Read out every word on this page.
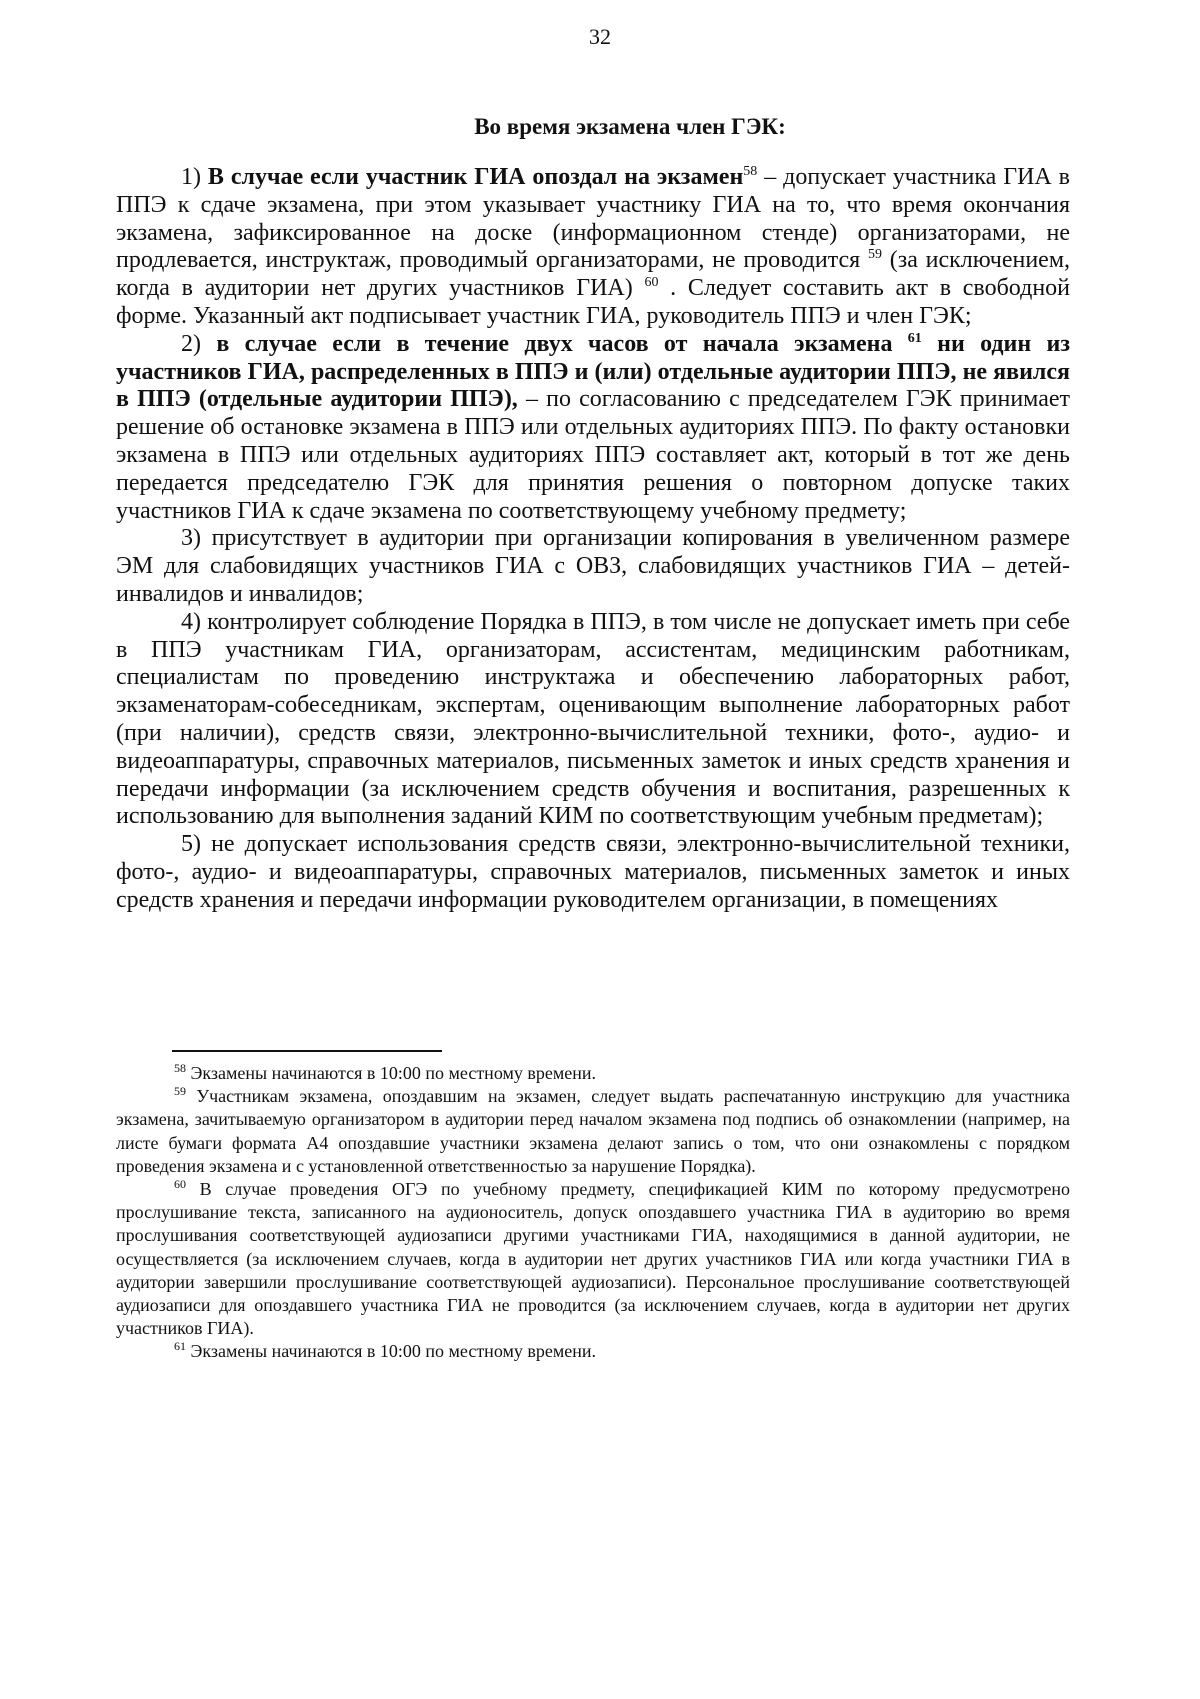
32
Во время экзамена член ГЭК:

1) В случае если участник ГИА опоздал на экзамен$^{58}$ – допускает участника ГИА в ППЭ к сдаче экзамена, при этом указывает участнику ГИА на то, что время окончания экзамена, зафиксированное на доске (информационном стенде) организаторами, не продлевается, инструктаж, проводимый организаторами, не проводится $^{59}$ (за исключением, когда в аудитории нет других участников ГИА) $^{60}$ . Следует составить акт в свободной форме. Указанный акт подписывает участник ГИА, руководитель ППЭ и член ГЭК;

2) в случае если в течение двух часов от начала экзамена $^{61}$ ни один из участников ГИА, распределенных в ППЭ и (или) отдельные аудитории ППЭ, не явился в ППЭ (отдельные аудитории ППЭ), – по согласованию с председателем ГЭК принимает решение об остановке экзамена в ППЭ или отдельных аудиториях ППЭ. По факту остановки экзамена в ППЭ или отдельных аудиториях ППЭ составляет акт, который в тот же день передается председателю ГЭК для принятия решения о повторном допуске таких участников ГИА к сдаче экзамена по соответствующему учебному предмету;

3) присутствует в аудитории при организации копирования в увеличенном размере ЭМ для слабовидящих участников ГИА с ОВЗ, слабовидящих участников ГИА – детей-инвалидов и инвалидов;

4) контролирует соблюдение Порядка в ППЭ, в том числе не допускает иметь при себе в ППЭ участникам ГИА, организаторам, ассистентам, медицинским работникам, специалистам по проведению инструктажа и обеспечению лабораторных работ, экзаменаторам-собеседникам, экспертам, оценивающим выполнение лабораторных работ (при наличии), средств связи, электронно-вычислительной техники, фото-, аудио- и видеоаппаратуры, справочных материалов, письменных заметок и иных средств хранения и передачи информации (за исключением средств обучения и воспитания, разрешенных к использованию для выполнения заданий КИМ по соответствующим учебным предметам);

5) не допускает использования средств связи, электронно-вычислительной техники, фото-, аудио- и видеоаппаратуры, справочных материалов, письменных заметок и иных средств хранения и передачи информации руководителем организации, в помещениях

$^{58}$ Экзамены начинаются в 10:00 по местному времени.

$^{59}$ Участникам экзамена, опоздавшим на экзамен, следует выдать распечатанную инструкцию для участника экзамена, зачитываемую организатором в аудитории перед началом экзамена под подпись об ознакомлении (например, на листе бумаги формата А4 опоздавшие участники экзамена делают запись о том, что они ознакомлены с порядком проведения экзамена и с установленной ответственностью за нарушение Порядка).

$^{60}$ В случае проведения ОГЭ по учебному предмету, спецификацией КИМ по которому предусмотрено прослушивание текста, записанного на аудионоситель, допуск опоздавшего участника ГИА в аудиторию во время прослушивания соответствующей аудиозаписи другими участниками ГИА, находящимися в данной аудитории, не осуществляется (за исключением случаев, когда в аудитории нет других участников ГИА или когда участники ГИА в аудитории завершили прослушивание соответствующей аудиозаписи). Персональное прослушивание соответствующей аудиозаписи для опоздавшего участника ГИА не проводится (за исключением случаев, когда в аудитории нет других участников ГИА).

$^{61}$ Экзамены начинаются в 10:00 по местному времени.
